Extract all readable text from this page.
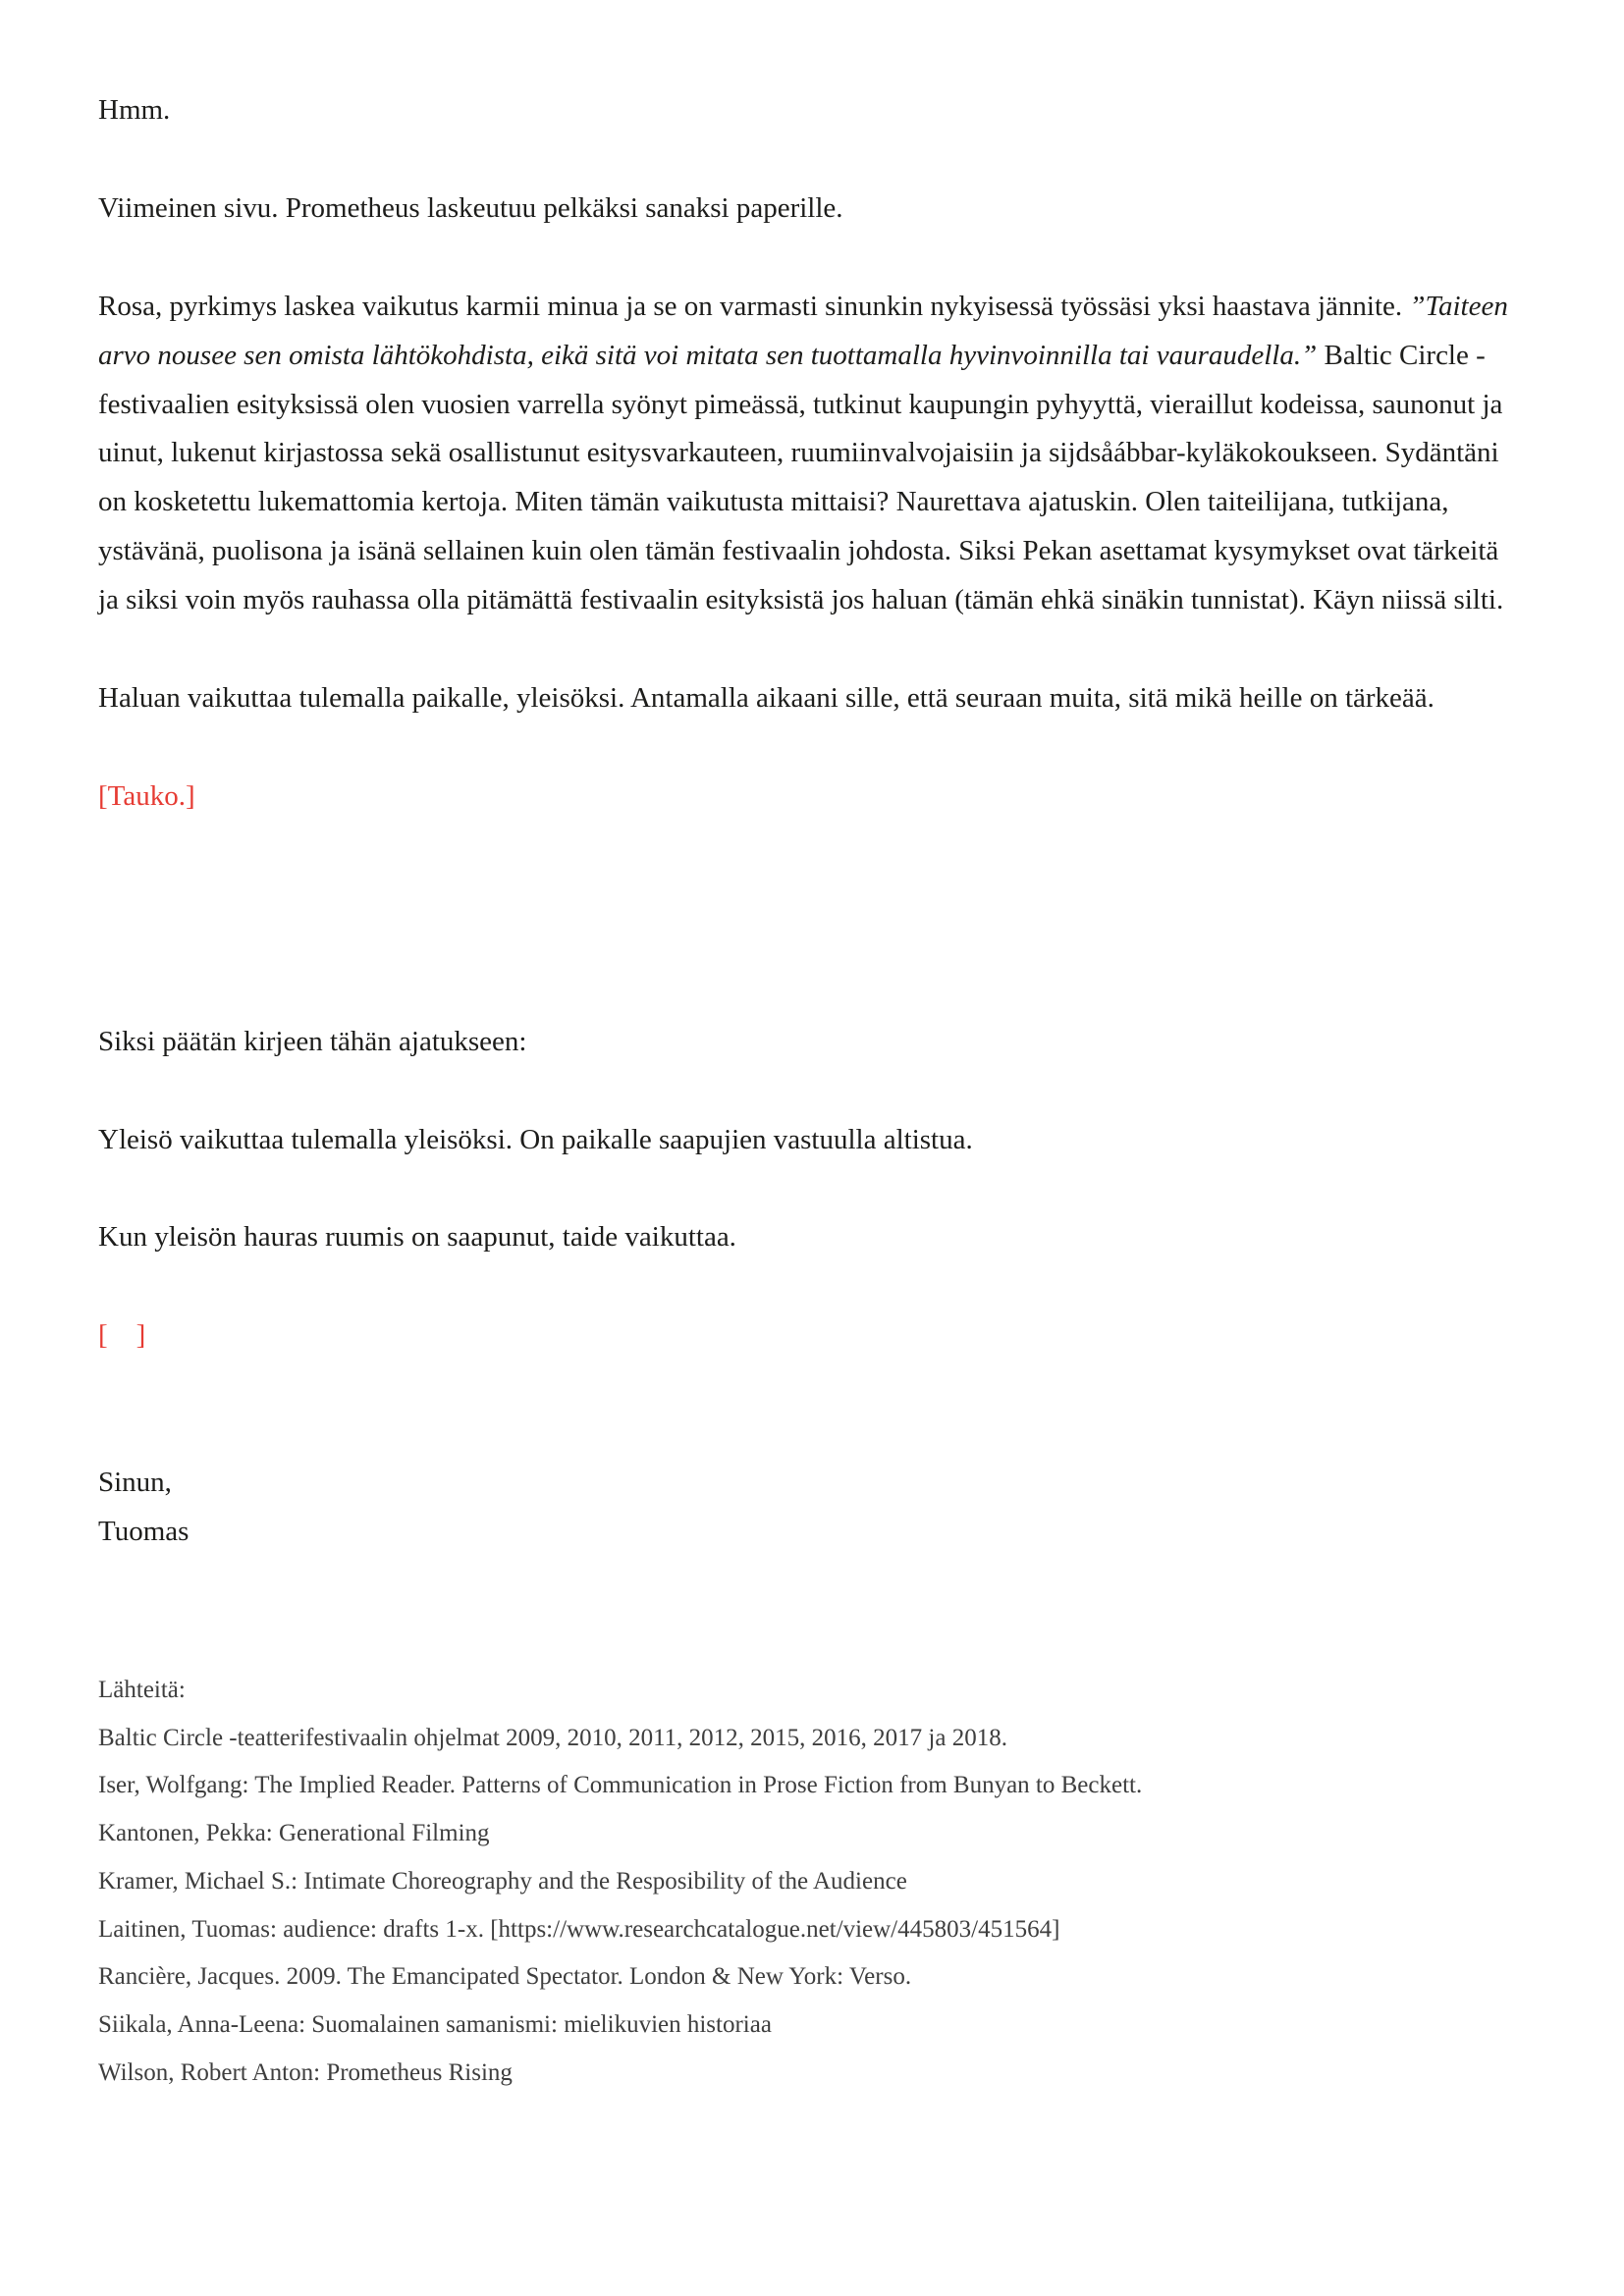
Hmm.

Viimeinen sivu. Prometheus laskeutuu pelkäksi sanaksi paperille.

Rosa, pyrkimys laskea vaikutus karmii minua ja se on varmasti sinunkin nykyisessä työssäsi yksi haastava jännite. ”Taiteen arvo nousee sen omista lähtökohdista, eikä sitä voi mitata sen tuottamalla hyvinvoinnilla tai vauraudella.” Baltic Circle -festivaalien esityksissä olen vuosien varrella syönyt pimeässä, tutkinut kaupungin pyhyyttä, vieraillut kodeissa, saunonut ja uinut, lukenut kirjastossa sekä osallistunut esitysvarkauteen, ruumiinvalvojaisiin ja sijdsåábbar-kyläkokoukseen. Sydäntäni on kosketettu lukemattomia kertoja. Miten tämän vaikutusta mittaisi? Naurettava ajatuskin. Olen taiteilijana, tutkijana, ystävänä, puolisona ja isänä sellainen kuin olen tämän festivaalin johdosta. Siksi Pekan asettamat kysymykset ovat tärkeitä ja siksi voin myös rauhassa olla pitämättä festivaalin esityksistä jos haluan (tämän ehkä sinäkin tunnistat). Käyn niissä silti.

Haluan vaikuttaa tulemalla paikalle, yleisöksi. Antamalla aikaani sille, että seuraan muita, sitä mikä heille on tärkeää.

[Tauko.]

Siksi päätän kirjeen tähän ajatukseen:

Yleisö vaikuttaa tulemalla yleisöksi. On paikalle saapujien vastuulla altistua.

Kun yleisön hauras ruumis on saapunut, taide vaikuttaa.

[    ]

Sinun,
Tuomas

Lähteitä:

Baltic Circle -teatterifestivaalin ohjelmat 2009, 2010, 2011, 2012, 2015, 2016, 2017 ja 2018.

Iser, Wolfgang: The Implied Reader. Patterns of Communication in Prose Fiction from Bunyan to Beckett.

Kantonen, Pekka: Generational Filming

Kramer, Michael S.: Intimate Choreography and the Resposibility of the Audience

Laitinen, Tuomas: audience: drafts 1-x. [https://www.researchcatalogue.net/view/445803/451564]

Rancière, Jacques. 2009. The Emancipated Spectator. London & New York: Verso.

Siikala, Anna-Leena: Suomalainen samanismi: mielikuvien historiaa

Wilson, Robert Anton: Prometheus Rising
